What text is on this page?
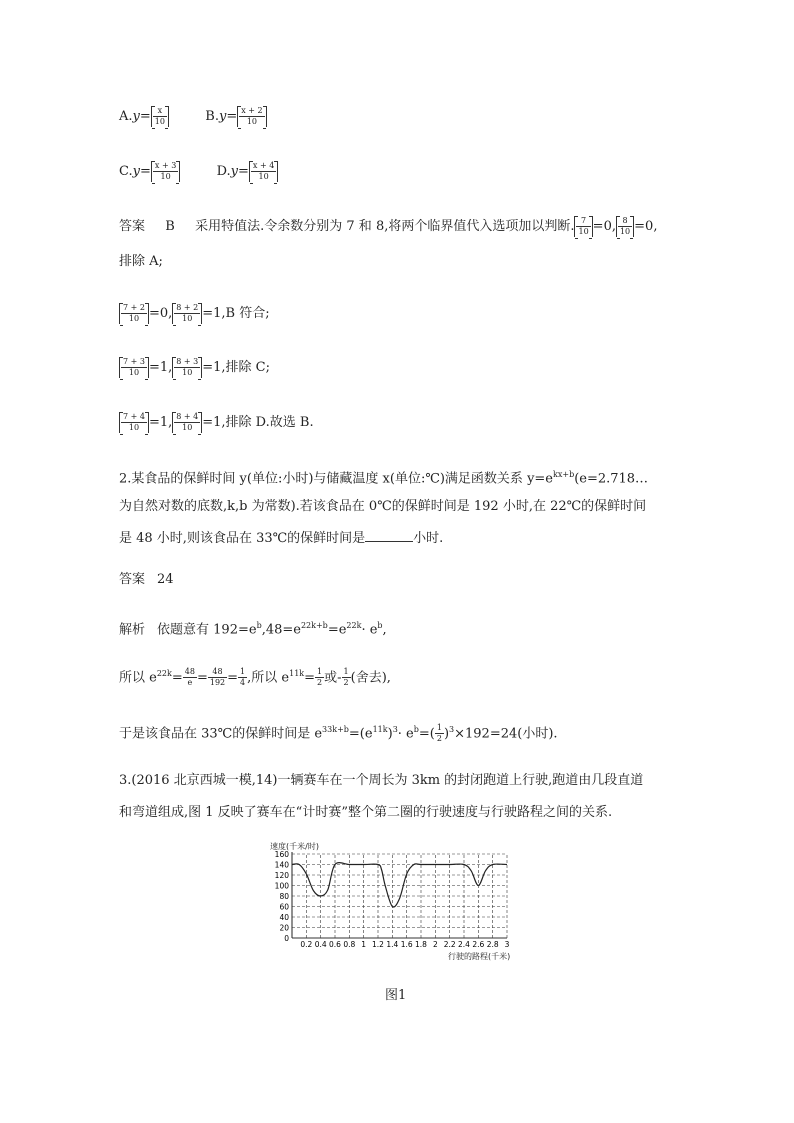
$A.y= \frac{x}{10}$	$B.y= \frac{x + 2}{10}$
$C.y= \frac{x + 3}{10}$	$D.y= \frac{x + 4}{10}$
答案 B 采用特值法.令余数分别为 7 和 8,将两个临界值代入选项加以判断. $\frac{7}{10} =0$, $\frac{8}{10} =0$,
排除 A;
$\frac{7 + 2}{10} =0$, $\frac{8 + 2}{10} =1,B$ 符合;
$\frac{7 + 3}{10} =1$, $\frac{8 + 3}{10} =1$,排除 C;
$\frac{7 + 4}{10} =1$, $\frac{8 + 4}{10} =1$,排除 D.故选 B.
2.某食品的保鲜时间 y(单位:小时)与储藏温度 x(单位:℃)满足函数关系 $y=e^{kx+b}(e=2.718\dots$
为自然对数的底数,k,b 为常数).若该食品在 0℃的保鲜时间是 192 小时,在 22℃的保鲜时间
是 48 小时,则该食品在 33℃的保鲜时间是	小时.
答案 24
解析 依题意有 $192=e^b,48=e^{22k+b}=e^{22k}\cdot e^b$,
所以 $e^{22k}= \frac{48}{e} = \frac{48}{192} = \frac{1}{4}$ ,所以 $e^{11k}= \frac{1}{2}$ 或- $\frac{1}{2}$ (舍去),
于是该食品在 33℃的保鲜时间是 $e^{33k+b}=(e^{11k})^3\cdot e^b=( \frac{1}{2} )^3\times 192=24$(小时).
3.(2016 北京西城一模,14)一辆赛车在一个周长为 3km 的封闭跑道上行驶,跑道由几段直道
和弯道组成,图 1 反映了赛车在“计时赛”整个第二圈的行驶速度与行驶路程之间的关系.
速度(千米/时)
行驶的路程(千米)
0
20
40
60
80
100
120
140
160
0.2 0.4 0.6 0.8 1 1.2 1.4 1.6 1.8 2 2.2 2.4 2.6 2.8 3
图1
